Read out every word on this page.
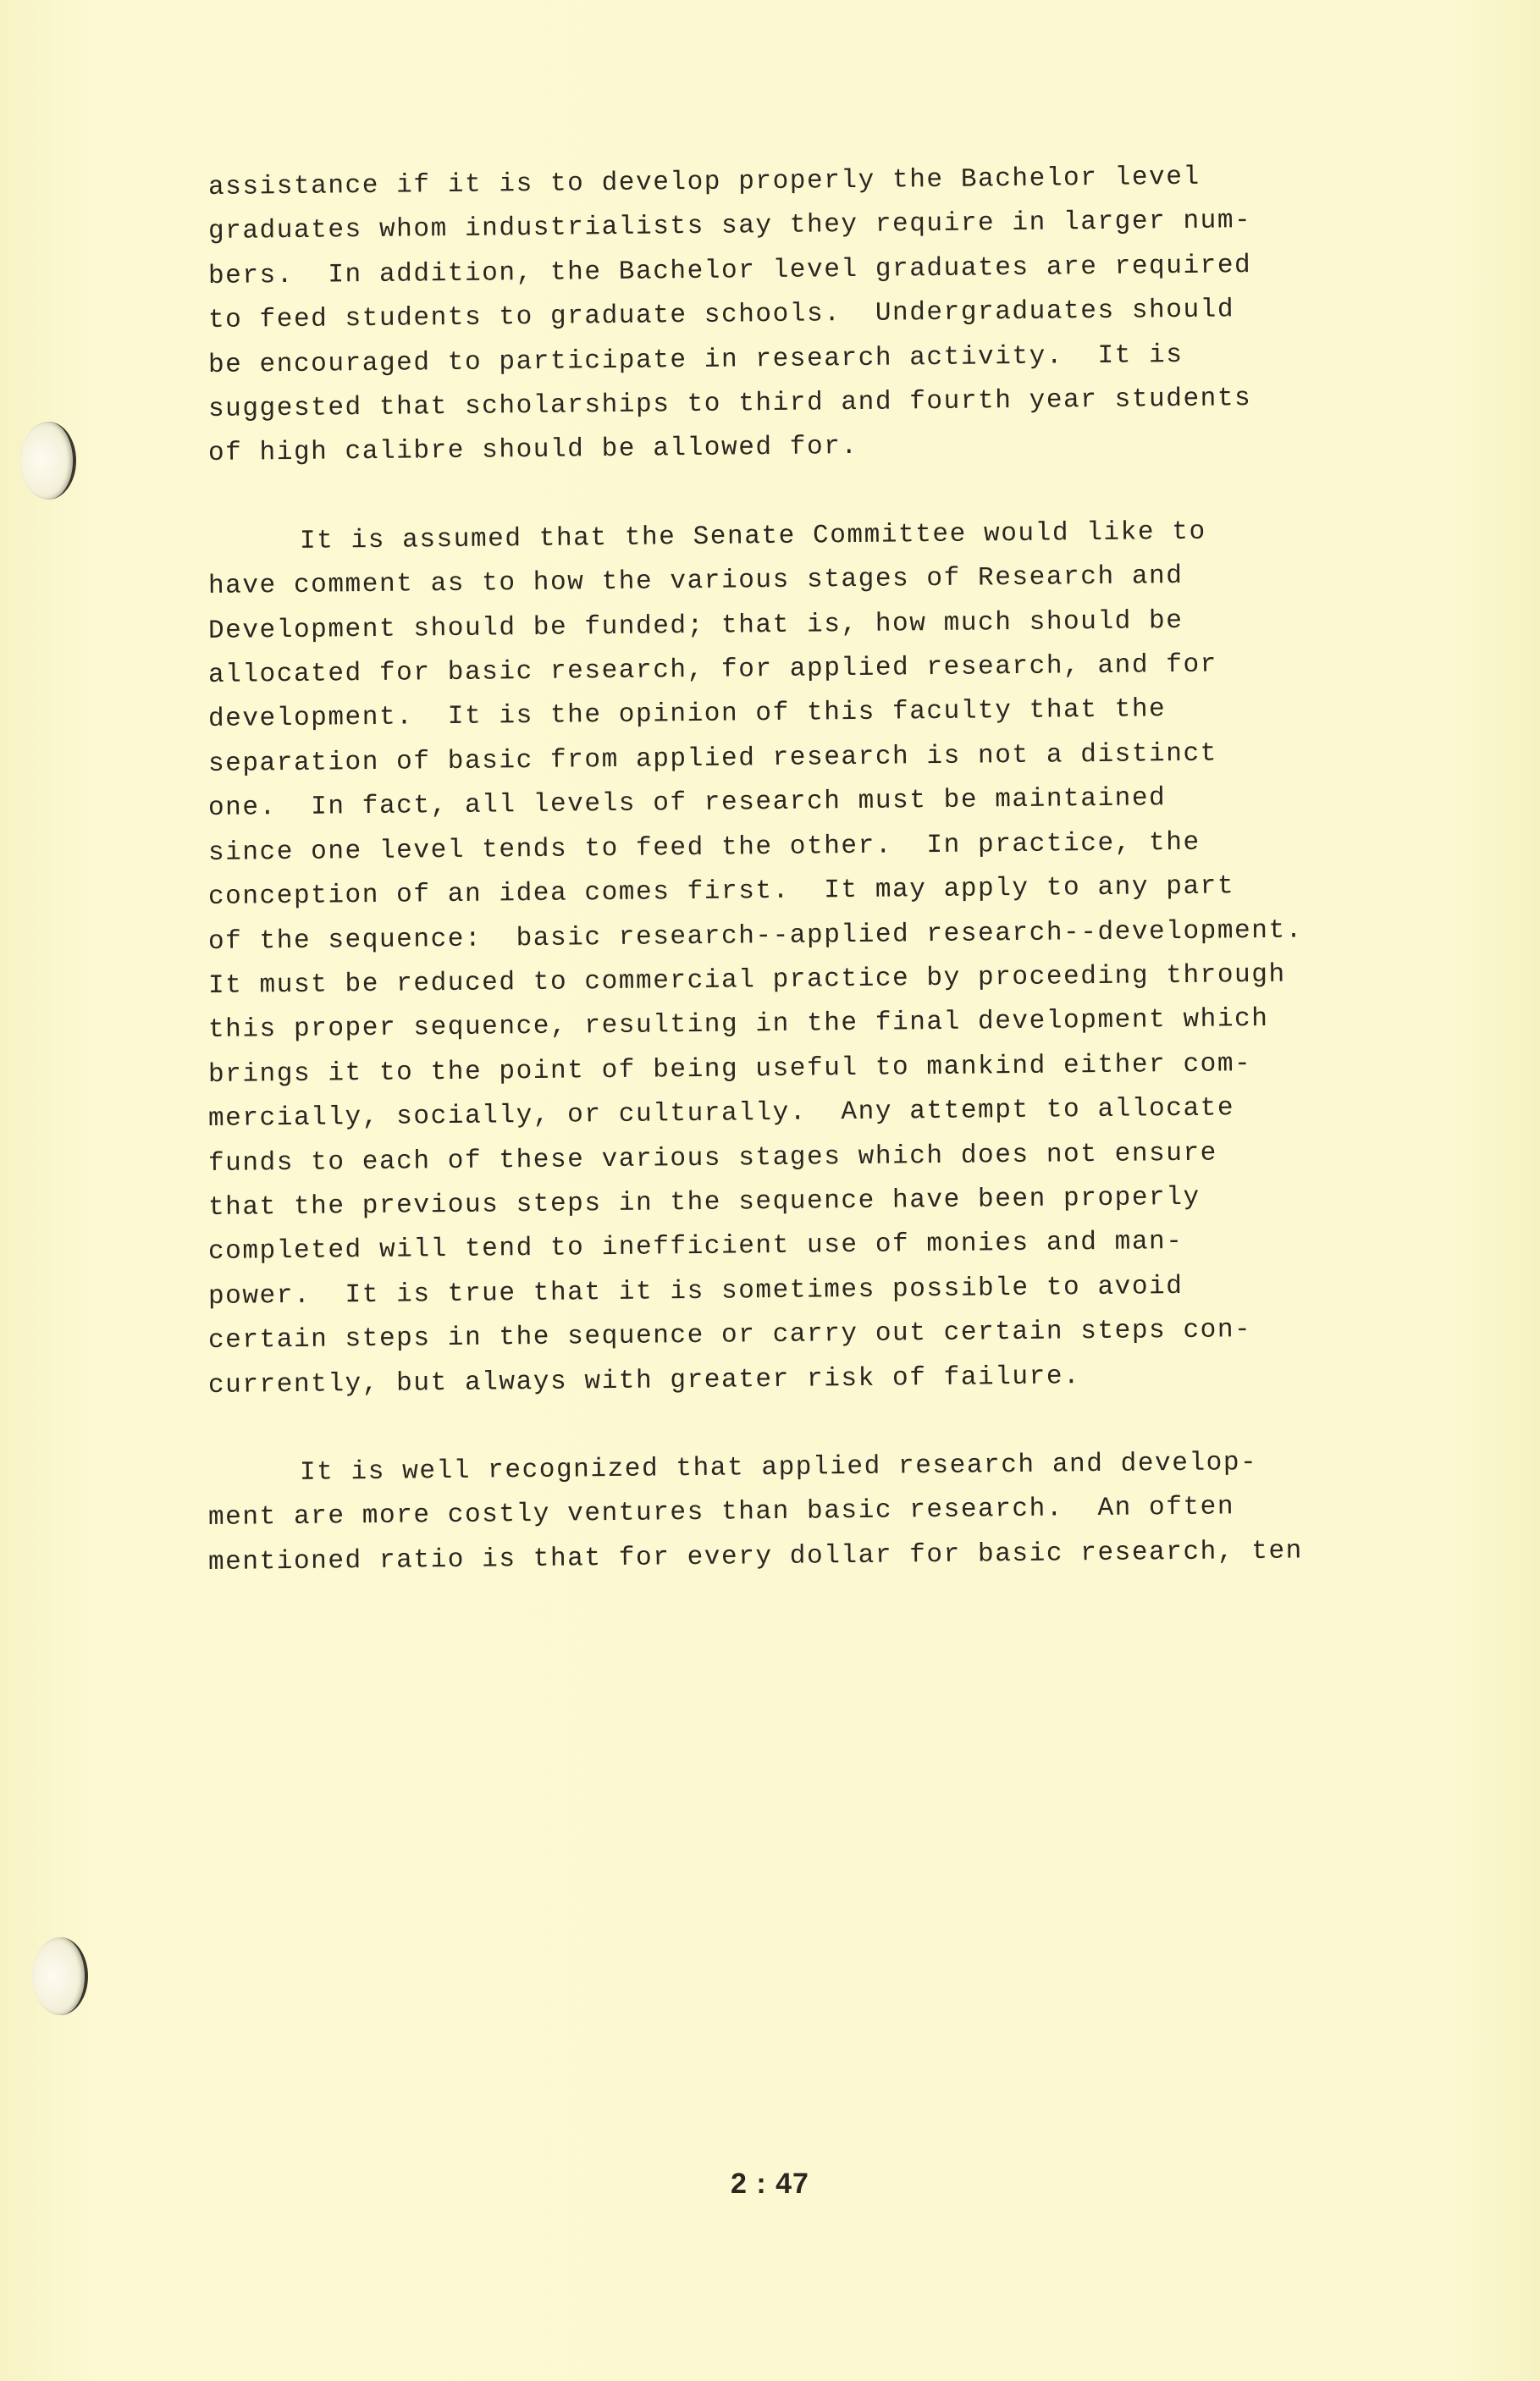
assistance if it is to develop properly the Bachelor level
graduates whom industrialists say they require in larger num-
bers.  In addition, the Bachelor level graduates are required
to feed students to graduate schools.  Undergraduates should
be encouraged to participate in research activity.  It is
suggested that scholarships to third and fourth year students
of high calibre should be allowed for.
It is assumed that the Senate Committee would like to
have comment as to how the various stages of Research and
Development should be funded; that is, how much should be
allocated for basic research, for applied research, and for
development.  It is the opinion of this faculty that the
separation of basic from applied research is not a distinct
one.  In fact, all levels of research must be maintained
since one level tends to feed the other.  In practice, the
conception of an idea comes first.  It may apply to any part
of the sequence:  basic research--applied research--development.
It must be reduced to commercial practice by proceeding through
this proper sequence, resulting in the final development which
brings it to the point of being useful to mankind either com-
mercially, socially, or culturally.  Any attempt to allocate
funds to each of these various stages which does not ensure
that the previous steps in the sequence have been properly
completed will tend to inefficient use of monies and man-
power.  It is true that it is sometimes possible to avoid
certain steps in the sequence or carry out certain steps con-
currently, but always with greater risk of failure.
It is well recognized that applied research and develop-
ment are more costly ventures than basic research.  An often
mentioned ratio is that for every dollar for basic research, ten
2 : 47
